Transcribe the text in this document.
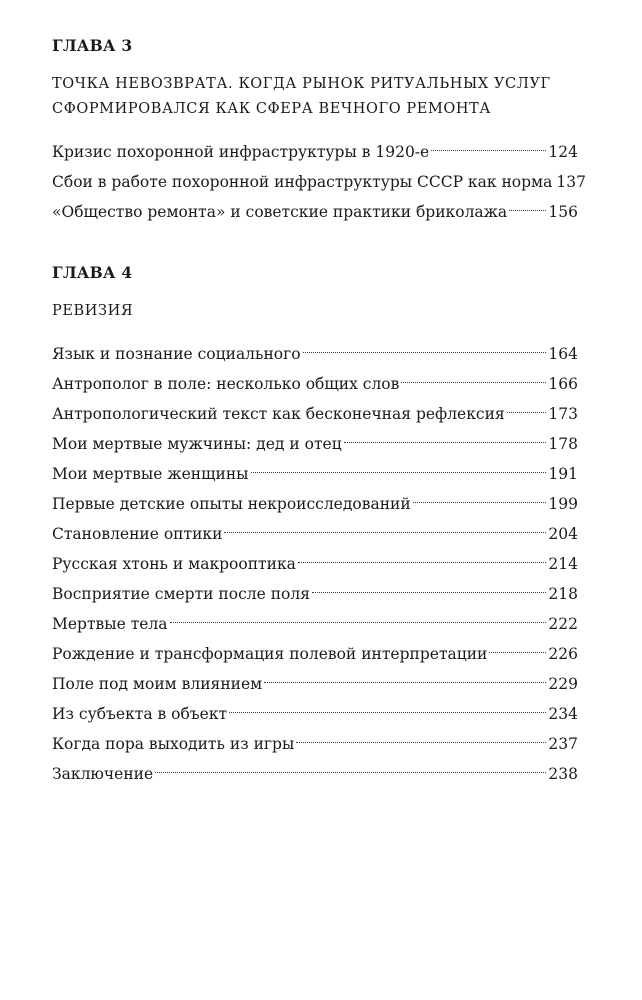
ГЛАВА 3
ТОЧКА НЕВОЗВРАТА. КОГДА РЫНОК РИТУАЛЬНЫХ УСЛУГ
СФОРМИРОВАЛСЯ КАК СФЕРА ВЕЧНОГО РЕМОНТА
Кризис похоронной инфраструктуры в 1920-е	124
Сбои в работе похоронной инфраструктуры СССР как норма 137
«Общество ремонта» и советские практики бриколажа	156
ГЛАВА 4
РЕВИЗИЯ
Язык и познание социального	164
Антрополог в поле: несколько общих слов	166
Антропологический текст как бесконечная рефлексия	173
Мои мертвые мужчины: дед и отец	178
Мои мертвые женщины	191
Первые детские опыты некроисследований	199
Становление оптики	204
Русская хтонь и макрооптика	214
Восприятие смерти после поля	218
Мертвые тела	222
Рождение и трансформация полевой интерпретации	226
Поле под моим влиянием	229
Из субъекта в объект	234
Когда пора выходить из игры	237
Заключение	238
